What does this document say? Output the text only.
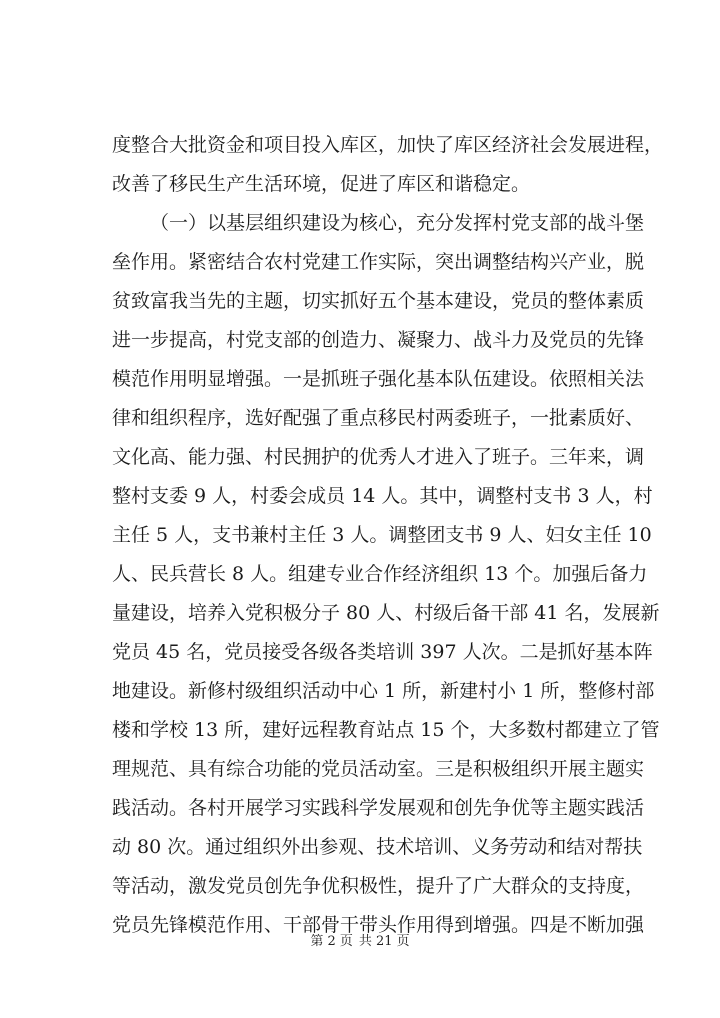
度整合大批资金和项目投入库区，加快了库区经济社会发展进程，
改善了移民生产生活环境，促进了库区和谐稳定。
（一）以基层组织建设为核心，充分发挥村党支部的战斗堡
垒作用。紧密结合农村党建工作实际，突出调整结构兴产业，脱
贫致富我当先的主题，切实抓好五个基本建设，党员的整体素质
进一步提高，村党支部的创造力、凝聚力、战斗力及党员的先锋
模范作用明显增强。一是抓班子强化基本队伍建设。依照相关法
律和组织程序，选好配强了重点移民村两委班子，一批素质好、
文化高、能力强、村民拥护的优秀人才进入了班子。三年来，调
整村支委 9 人，村委会成员 14 人。其中，调整村支书 3 人，村
主任 5 人，支书兼村主任 3 人。调整团支书 9 人、妇女主任 10
人、民兵营长 8 人。组建专业合作经济组织 13 个。加强后备力
量建设，培养入党积极分子 80 人、村级后备干部 41 名，发展新
党员 45 名，党员接受各级各类培训 397 人次。二是抓好基本阵
地建设。新修村级组织活动中心 1 所，新建村小 1 所，整修村部
楼和学校 13 所，建好远程教育站点 15 个，大多数村都建立了管
理规范、具有综合功能的党员活动室。三是积极组织开展主题实
践活动。各村开展学习实践科学发展观和创先争优等主题实践活
动 80 次。通过组织外出参观、技术培训、义务劳动和结对帮扶
等活动，激发党员创先争优积极性，提升了广大群众的支持度，
党员先锋模范作用、干部骨干带头作用得到增强。四是不断加强
第 2 页 共 21 页
